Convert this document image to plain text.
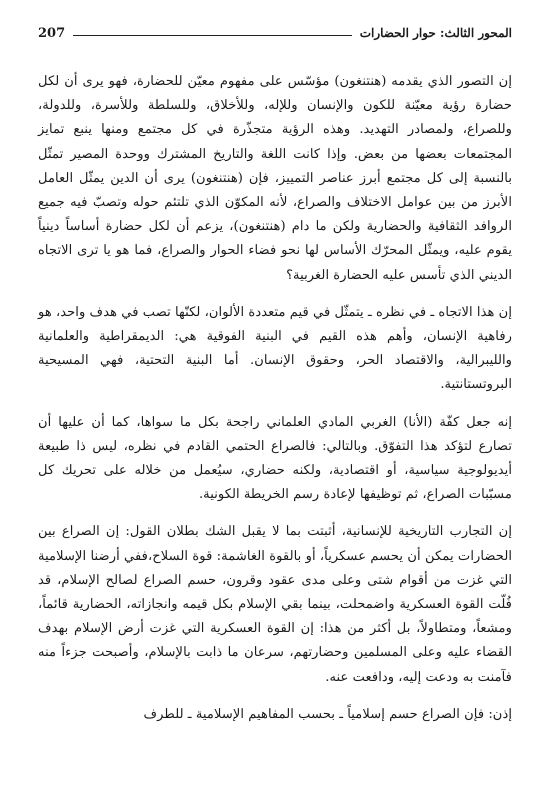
المحور الثالث: حوار الحضارات
207

إن التصور الذي يقدمه (هنتنغون) مؤسّس على مفهوم معيّن للحضارة، فهو يرى أن لكل حضارة رؤية معيّنة للكون والإنسان وللإله، وللأخلاق، وللسلطة وللأسرة، وللدولة، وللصراع، ولمصادر التهديد. وهذه الرؤية متجذّرة في كل مجتمع ومنها ينبع تمايز المجتمعات بعضها من بعض. وإذا كانت اللغة والتاريخ المشترك ووحدة المصير تمثّل بالنسبة إلى كل مجتمع أبرز عناصر التمييز، فإن (هنتنغون) يرى أن الدين يمثّل العامل الأبرز من بين عوامل الاختلاف والصراع، لأنه المكوّن الذي تلتئم حوله وتصبّ فيه جميع الروافد الثقافية والحضارية ولكن ما دام (هنتنغون)، يزعم أن لكل حضارة أساساً دينياً يقوم عليه، ويمثّل المحرّك الأساس لها نحو فضاء الحوار والصراع، فما هو يا ترى الاتجاه الديني الذي تأسس عليه الحضارة الغربية؟

إن هذا الاتجاه ـ في نظره ـ يتمثّل في قيم متعددة الألوان، لكنّها تصب في هدف واحد، هو رفاهية الإنسان، وأهم هذه القيم في البنية الفوقية هي: الديمقراطية والعلمانية والليبرالية، والاقتصاد الحر، وحقوق الإنسان. أما البنية التحتية، فهي المسيحية البروتستانتية.

إنه جعل كفّة (الأنا) الغربي المادي العلماني راجحة بكل ما سواها، كما أن عليها أن تصارع لتؤكد هذا التفوّق. وبالتالي: فالصراع الحتمي القادم في نظره، ليس ذا طبيعة أيديولوجية سياسية، أو اقتصادية، ولكنه حضاري، سيُعمل من خلاله على تحريك كل مسبّبات الصراع، ثم توظيفها لإعادة رسم الخريطة الكونية.

إن التجارب التاريخية للإنسانية، أثبتت بما لا يقبل الشك بطلان القول: إن الصراع بين الحضارات يمكن أن يحسم عسكرياً، أو بالقوة الغاشمة: قوة السلاح،ففي أرضنا الإسلامية التي غزت من أقوام شتى وعلى مدى عقود وقرون، حسم الصراع لصالح الإسلام، قد فُلّت القوة العسكرية واضمحلت، بينما بقي الإسلام بكل قيمه وانجازاته، الحضارية قائماً، ومشعاً، ومتطاولاً، بل أكثر من هذا: إن القوة العسكرية التي غزت أرض الإسلام بهدف القضاء عليه وعلى المسلمين وحضارتهم، سرعان ما ذابت بالإسلام، وأصبحت جزءاً منه فآمنت به ودعت إليه، ودافعت عنه.

إذن: فإن الصراع حسم إسلامياً ـ بحسب المفاهيم الإسلامية ـ للطرف
